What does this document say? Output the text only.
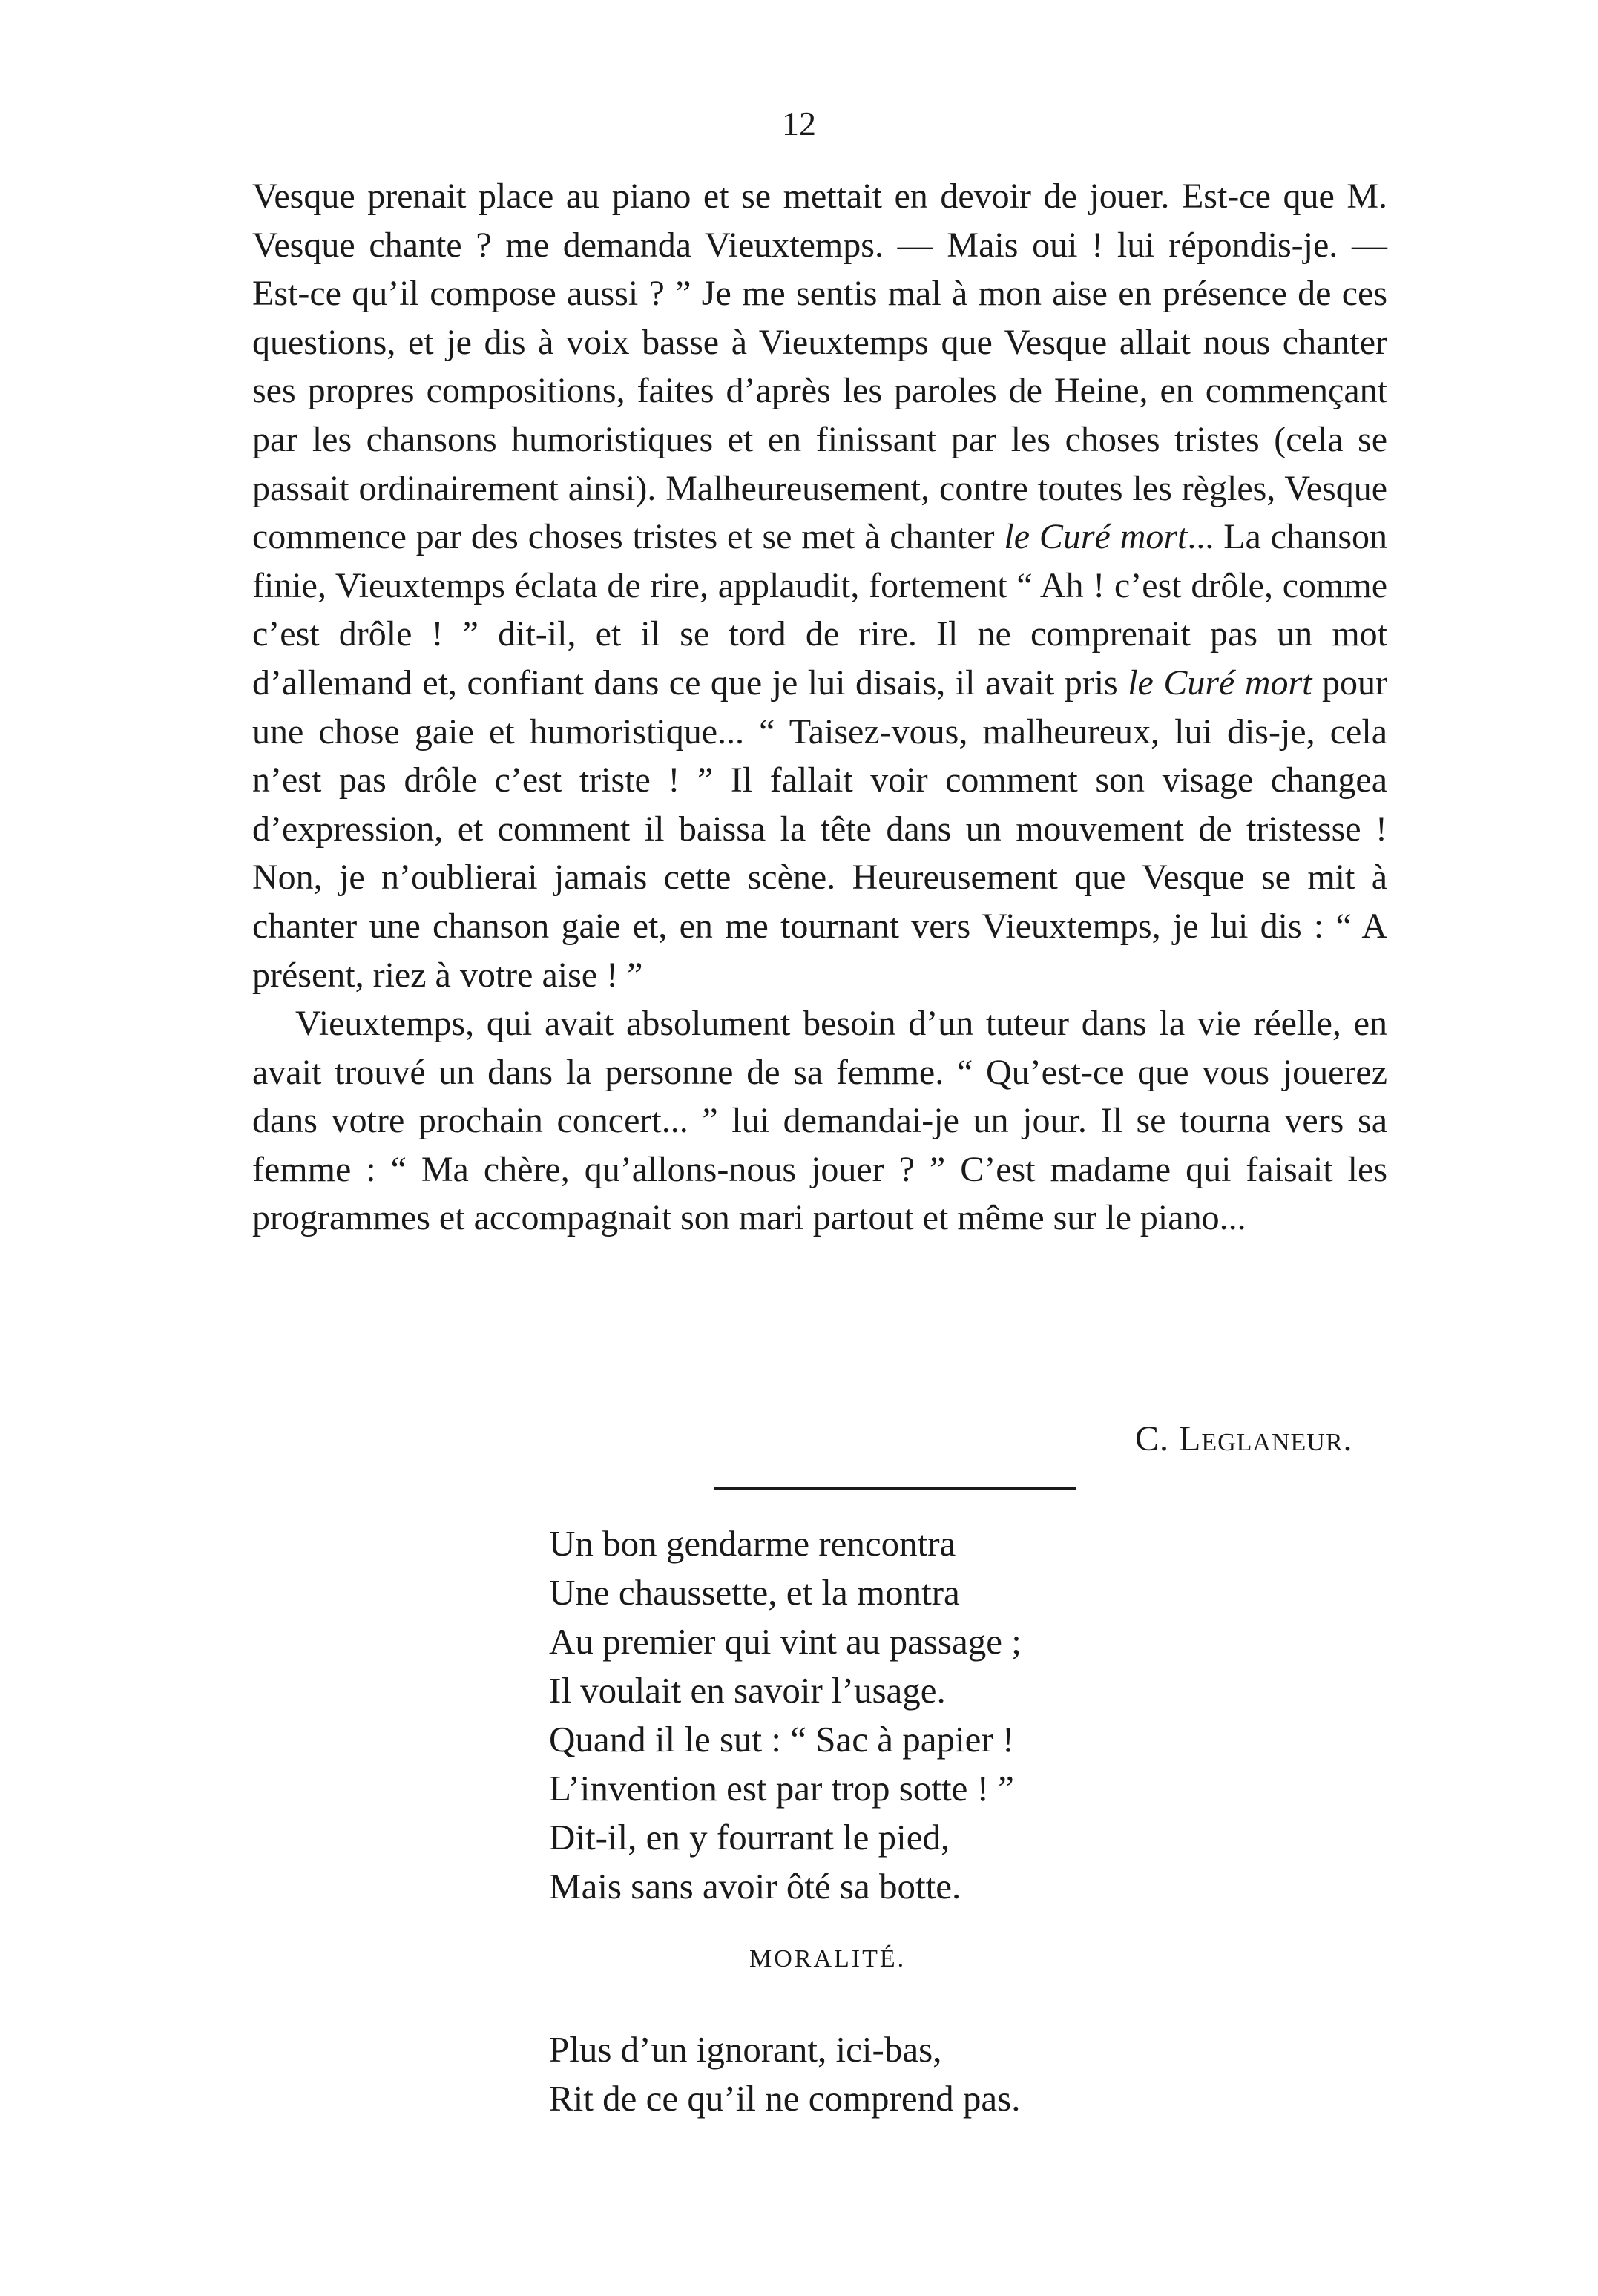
12

Vesque prenait place au piano et se mettait en devoir de jouer. Est-ce que M. Vesque chante ? me demanda Vieuxtemps. — Mais oui ! lui répondis-je. — Est-ce qu’il compose aussi ? ” Je me sentis mal à mon aise en présence de ces questions, et je dis à voix basse à Vieuxtemps que Vesque allait nous chanter ses propres compositions, faites d’après les paroles de Heine, en commençant par les chansons humoristiques et en finissant par les choses tristes (cela se passait ordinairement ainsi). Malheureusement, contre toutes les règles, Vesque commence par des choses tristes et se met à chanter le Curé mort... La chanson finie, Vieuxtemps éclata de rire, applaudit, fortement “ Ah ! c’est drôle, comme c’est drôle ! ” dit-il, et il se tord de rire. Il ne comprenait pas un mot d’allemand et, confiant dans ce que je lui disais, il avait pris le Curé mort pour une chose gaie et humoristique... “ Taisez-vous, malheureux, lui dis-je, cela n’est pas drôle c’est triste ! ” Il fallait voir comment son visage changea d’expression, et comment il baissa la tête dans un mouvement de tristesse ! Non, je n’oublierai jamais cette scène. Heureusement que Vesque se mit à chanter une chanson gaie et, en me tournant vers Vieuxtemps, je lui dis : “ A présent, riez à votre aise ! ”

Vieuxtemps, qui avait absolument besoin d’un tuteur dans la vie réelle, en avait trouvé un dans la personne de sa femme. “ Qu’est-ce que vous jouerez dans votre prochain concert... ” lui demandai-je un jour. Il se tourna vers sa femme : “ Ma chère, qu’allons-nous jouer ? ” C’est madame qui faisait les programmes et accompagnait son mari partout et même sur le piano...

C. Leglaneur.
Un bon gendarme rencontra
Une chaussette, et la montra
Au premier qui vint au passage ;
Il voulait en savoir l’usage.
Quand il le sut : “ Sac à papier !
L’invention est par trop sotte ! ”
Dit-il, en y fourrant le pied,
Mais sans avoir ôté sa botte.
MORALITÉ.
Plus d’un ignorant, ici-bas,
Rit de ce qu’il ne comprend pas.
